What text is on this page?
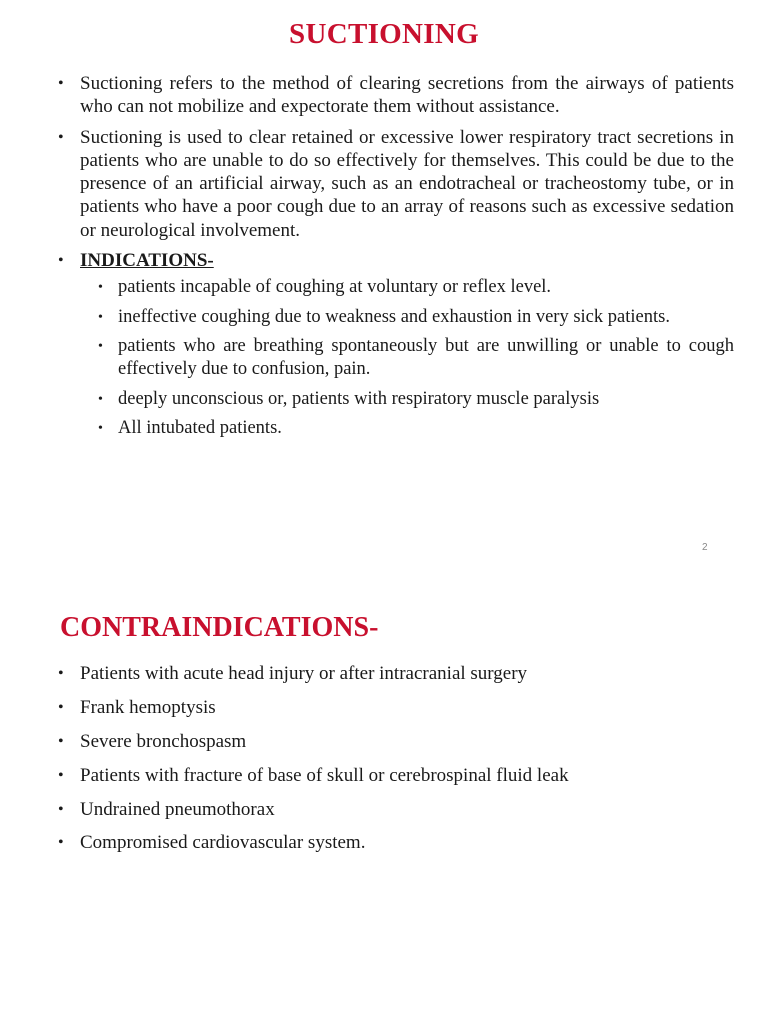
SUCTIONING
• Suctioning refers to the method of clearing secretions from the airways of patients who can not mobilize and expectorate them without assistance.
• Suctioning is used to clear retained or excessive lower respiratory tract secretions in patients who are unable to do so effectively for themselves. This could be due to the presence of an artificial airway, such as an endotracheal or tracheostomy tube, or in patients who have a poor cough due to an array of reasons such as excessive sedation or neurological involvement.
• INDICATIONS-
• patients incapable of coughing at voluntary or reflex level.
• ineffective coughing due to weakness and exhaustion in very sick patients.
• patients who are breathing spontaneously but are unwilling or unable to cough effectively due to confusion, pain.
• deeply unconscious or, patients with respiratory muscle paralysis
• All intubated patients.
2
CONTRAINDICATIONS-
• Patients with acute head injury or after intracranial surgery
• Frank hemoptysis
• Severe bronchospasm
• Patients with fracture of base of skull or cerebrospinal fluid leak
• Undrained pneumothorax
• Compromised cardiovascular system.
